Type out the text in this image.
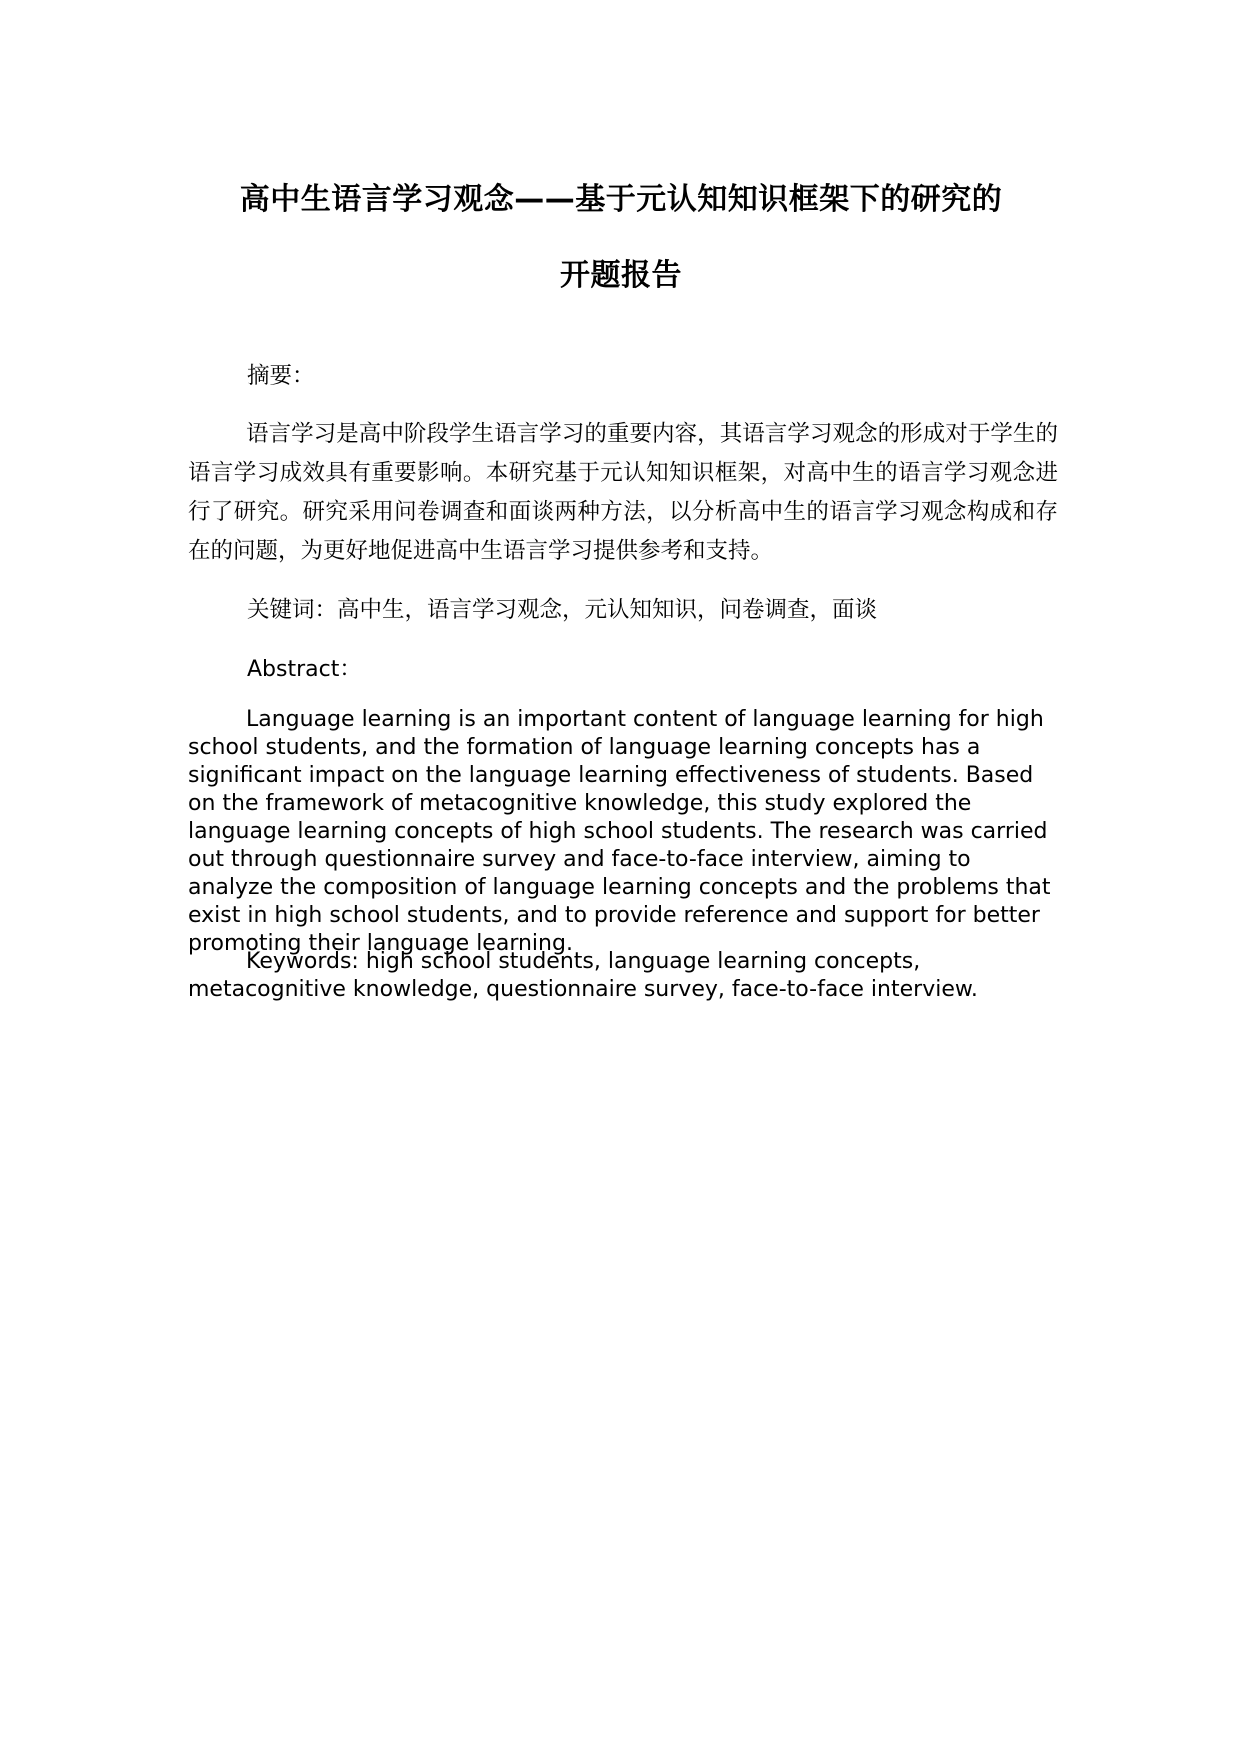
高中生语言学习观念——基于元认知知识框架下的研究的
开题报告

摘要：

语言学习是高中阶段学生语言学习的重要内容，其语言学习观念的形成对于学生的语言学习成效具有重要影响。本研究基于元认知知识框架，对高中生的语言学习观念进行了研究。研究采用问卷调查和面谈两种方法，以分析高中生的语言学习观念构成和存在的问题，为更好地促进高中生语言学习提供参考和支持。

关键词：高中生，语言学习观念，元认知知识，问卷调查，面谈

Abstract：

Language learning is an important content of language learning for high school students, and the formation of language learning concepts has a significant impact on the language learning effectiveness of students. Based on the framework of metacognitive knowledge, this study explored the language learning concepts of high school students. The research was carried out through questionnaire survey and face-to-face interview, aiming to analyze the composition of language learning concepts and the problems that exist in high school students, and to provide reference and support for better promoting their language learning.

Keywords: high school students, language learning concepts, metacognitive knowledge, questionnaire survey, face-to-face interview.
